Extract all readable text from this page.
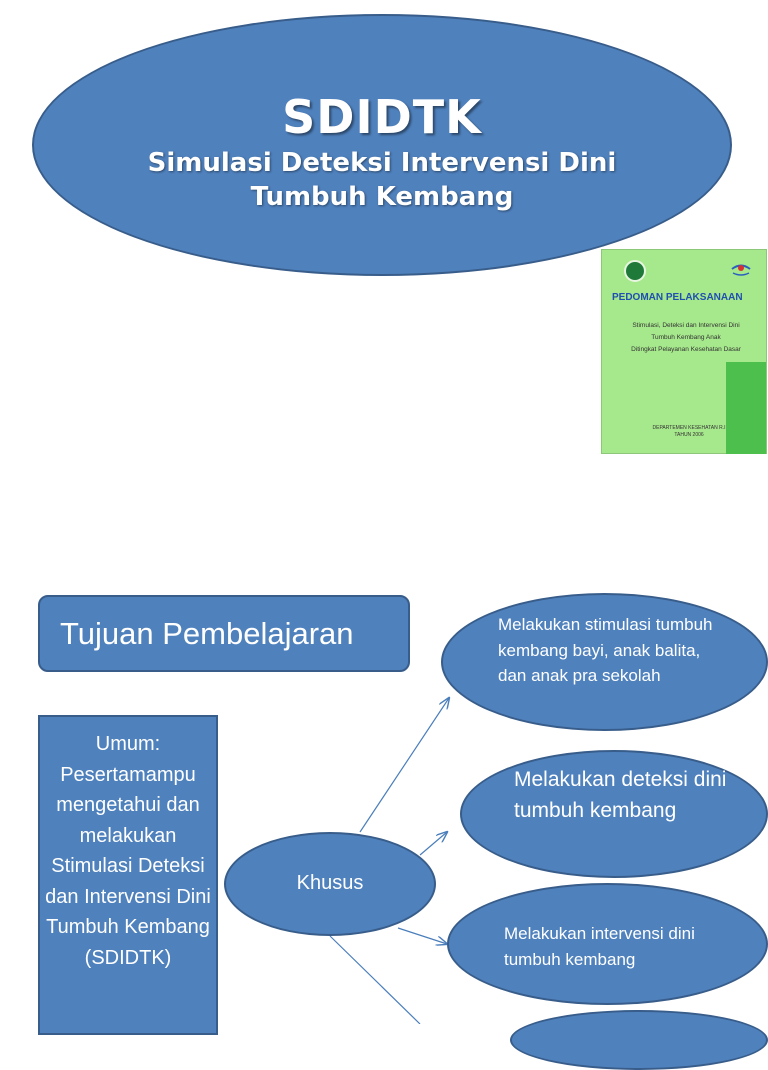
SDIDTK
Simulasi Deteksi Intervensi Dini Tumbuh Kembang
PEDOMAN PELAKSANAAN
Stimulasi, Deteksi dan Intervensi Dini
Tumbuh Kembang Anak
Ditingkat Pelayanan Kesehatan Dasar
DEPARTEMEN KESEHATAN R.I
TAHUN 2006
Tujuan Pembelajaran
Umum: Pesertamampu mengetahui dan melakukan Stimulasi Deteksi dan Intervensi Dini Tumbuh Kembang (SDIDTK)
Khusus
Melakukan stimulasi tumbuh kembang bayi, anak balita, dan anak pra sekolah
Melakukan deteksi dini tumbuh kembang
Melakukan intervensi dini tumbuh kembang
